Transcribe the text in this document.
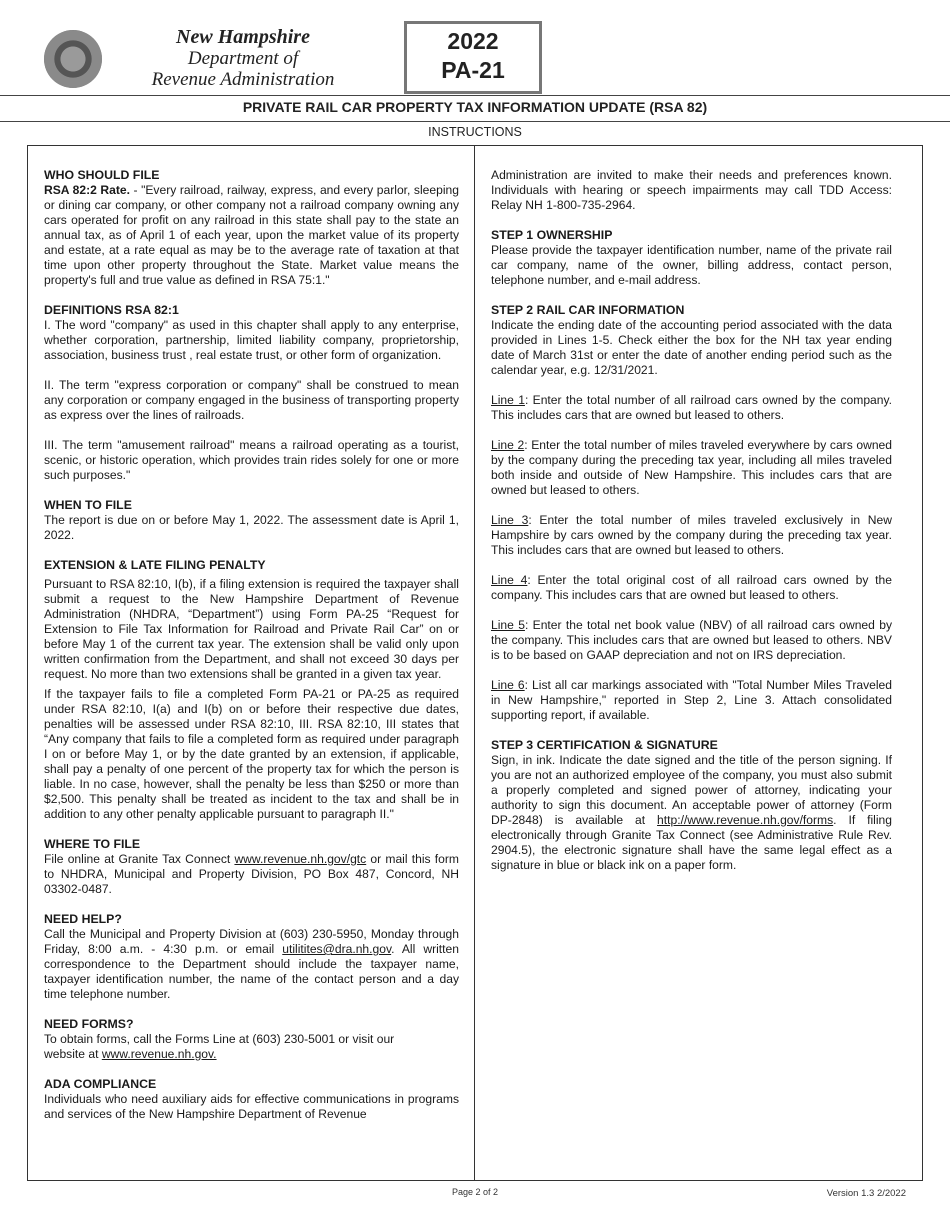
New Hampshire
Department of
Revenue Administration
2022
PA-21
PRIVATE RAIL CAR PROPERTY TAX INFORMATION UPDATE (RSA 82)
INSTRUCTIONS
WHO SHOULD FILE

RSA 82:2 Rate. - "Every railroad, railway, express, and every parlor, sleeping or dining car company, or other company not a railroad company owning any cars operated for profit on any railroad in this state shall pay to the state an annual tax, as of April 1 of each year, upon the market value of its property and estate, at a rate equal as may be to the average rate of taxation at that time upon other property throughout the State. Market value means the property's full and true value as defined in RSA 75:1."

DEFINITIONS RSA 82:1

I. The word "company" as used in this chapter shall apply to any enterprise, whether corporation, partnership, limited liability company, proprietorship, association, business trust , real estate trust, or other form of organization.

II. The term "express corporation or company" shall be construed to mean any corporation or company engaged in the business of transporting property as express over the lines of railroads.

III. The term "amusement railroad" means a railroad operating as a tourist, scenic, or historic operation, which provides train rides solely for one or more such purposes."

WHEN TO FILE

The report is due on or before May 1, 2022. The assessment date is April 1, 2022.

EXTENSION & LATE FILING PENALTY

Pursuant to RSA 82:10, I(b), if a filing extension is required the taxpayer shall submit a request to the New Hampshire Department of Revenue Administration (NHDRA, “Department”) using Form PA-25 “Request for Extension to File Tax Information for Railroad and Private Rail Car” on or before May 1 of the current tax year. The extension shall be valid only upon written confirmation from the Department, and shall not exceed 30 days per request. No more than two extensions shall be granted in a given tax year.

If the taxpayer fails to file a completed Form PA-21 or PA-25 as required under RSA 82:10, I(a) and I(b) on or before their respective due dates, penalties will be assessed under RSA 82:10, III. RSA 82:10, III states that “Any company that fails to file a completed form as required under paragraph I on or before May 1, or by the date granted by an extension, if applicable, shall pay a penalty of one percent of the property tax for which the person is liable. In no case, however, shall the penalty be less than $250 or more than $2,500. This penalty shall be treated as incident to the tax and shall be in addition to any other penalty applicable pursuant to paragraph II."

WHERE TO FILE

File online at Granite Tax Connect www.revenue.nh.gov/gtc or mail this form to NHDRA, Municipal and Property Division, PO Box 487, Concord, NH 03302-0487.

NEED HELP?

Call the Municipal and Property Division at (603) 230-5950, Monday through Friday, 8:00 a.m. - 4:30 p.m. or email utilitites@dra.nh.gov. All written correspondence to the Department should include the taxpayer name, taxpayer identification number, the name of the contact person and a day time telephone number.

NEED FORMS?

To obtain forms, call the Forms Line at (603) 230-5001 or visit our
website at www.revenue.nh.gov.

ADA COMPLIANCE

Individuals who need auxiliary aids for effective communications in programs and services of the New Hampshire Department of Revenue

Administration are invited to make their needs and preferences known. Individuals with hearing or speech impairments may call TDD Access: Relay NH 1-800-735-2964.

STEP 1 OWNERSHIP

Please provide the taxpayer identification number, name of the private rail car company, name of the owner, billing address, contact person, telephone number, and e-mail address.

STEP 2 RAIL CAR INFORMATION

Indicate the ending date of the accounting period associated with the data provided in Lines 1-5. Check either the box for the NH tax year ending date of March 31st or enter the date of another ending period such as the calendar year, e.g. 12/31/2021.

Line 1: Enter the total number of all railroad cars owned by the company. This includes cars that are owned but leased to others.

Line 2: Enter the total number of miles traveled everywhere by cars owned by the company during the preceding tax year, including all miles traveled both inside and outside of New Hampshire. This includes cars that are owned but leased to others.

Line 3: Enter the total number of miles traveled exclusively in New Hampshire by cars owned by the company during the preceding tax year. This includes cars that are owned but leased to others.

Line 4: Enter the total original cost of all railroad cars owned by the company. This includes cars that are owned but leased to others.

Line 5: Enter the total net book value (NBV) of all railroad cars owned by the company. This includes cars that are owned but leased to others. NBV is to be based on GAAP depreciation and not on IRS depreciation.

Line 6: List all car markings associated with "Total Number Miles Traveled in New Hampshire," reported in Step 2, Line 3. Attach consolidated supporting report, if available.

STEP 3 CERTIFICATION & SIGNATURE

Sign, in ink. Indicate the date signed and the title of the person signing. If you are not an authorized employee of the company, you must also submit a properly completed and signed power of attorney, indicating your authority to sign this document. An acceptable power of attorney (Form DP-2848) is available at http://www.revenue.nh.gov/forms. If filing electronically through Granite Tax Connect (see Administrative Rule Rev. 2904.5), the electronic signature shall have the same legal effect as a signature in blue or black ink on a paper form.

Page 2 of 2	Version 1.3 2/2022
